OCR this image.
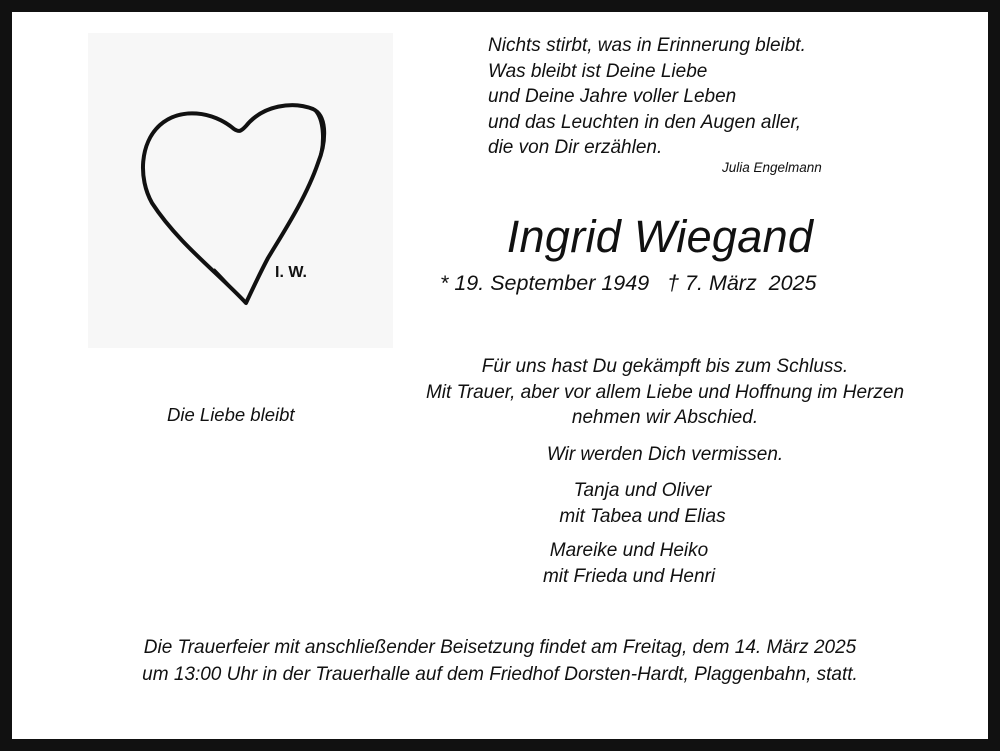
I. W.
Nichts stirbt, was in Erinnerung bleibt.
Was bleibt ist Deine Liebe
und Deine Jahre voller Leben
und das Leuchten in den Augen aller,
die von Dir erzählen.
Julia Engelmann
Ingrid Wiegand
* 19. September 1949 † 7. März  2025
Die Liebe bleibt
Für uns hast Du gekämpft bis zum Schluss.
Mit Trauer, aber vor allem Liebe und Hoffnung im Herzen
nehmen wir Abschied.
Wir werden Dich vermissen.
Tanja und Oliver
mit Tabea und Elias
Mareike und Heiko
mit Frieda und Henri
Die Trauerfeier mit anschließender Beisetzung findet am Freitag, dem 14. März 2025
um 13:00 Uhr in der Trauerhalle auf dem Friedhof Dorsten-Hardt, Plaggenbahn, statt.
